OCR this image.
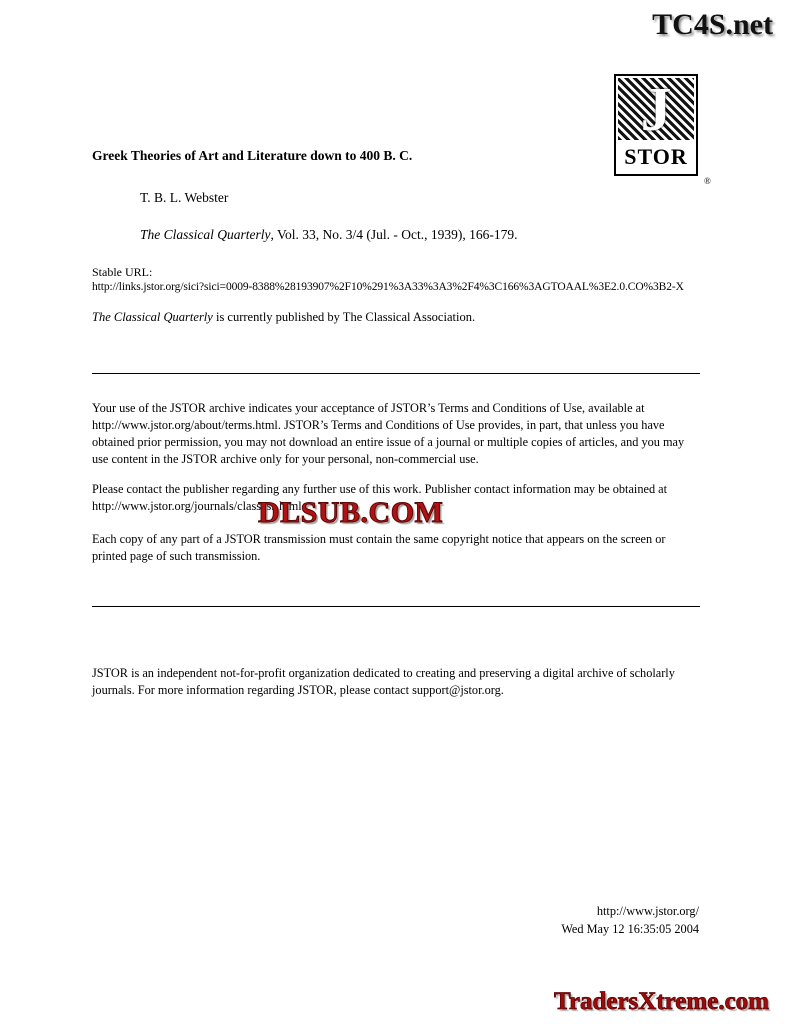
TC4S.net
J
STOR
®
Greek Theories of Art and Literature down to 400 B. C.
T. B. L. Webster
The Classical Quarterly, Vol. 33, No. 3/4 (Jul. - Oct., 1939), 166-179.
Stable URL:
http://links.jstor.org/sici?sici=0009-8388%28193907%2F10%291%3A33%3A3%2F4%3C166%3AGTOAAL%3E2.0.CO%3B2-X
The Classical Quarterly is currently published by The Classical Association.
Your use of the JSTOR archive indicates your acceptance of JSTOR’s Terms and Conditions of Use, available at http://www.jstor.org/about/terms.html. JSTOR’s Terms and Conditions of Use provides, in part, that unless you have obtained prior permission, you may not download an entire issue of a journal or multiple copies of articles, and you may use content in the JSTOR archive only for your personal, non-commercial use.
Please contact the publisher regarding any further use of this work. Publisher contact information may be obtained at http://www.jstor.org/journals/classass.html.
Each copy of any part of a JSTOR transmission must contain the same copyright notice that appears on the screen or printed page of such transmission.
DLSUB.COM
JSTOR is an independent not-for-profit organization dedicated to creating and preserving a digital archive of scholarly journals. For more information regarding JSTOR, please contact support@jstor.org.
http://www.jstor.org/
Wed May 12 16:35:05 2004
TradersXtreme.com
